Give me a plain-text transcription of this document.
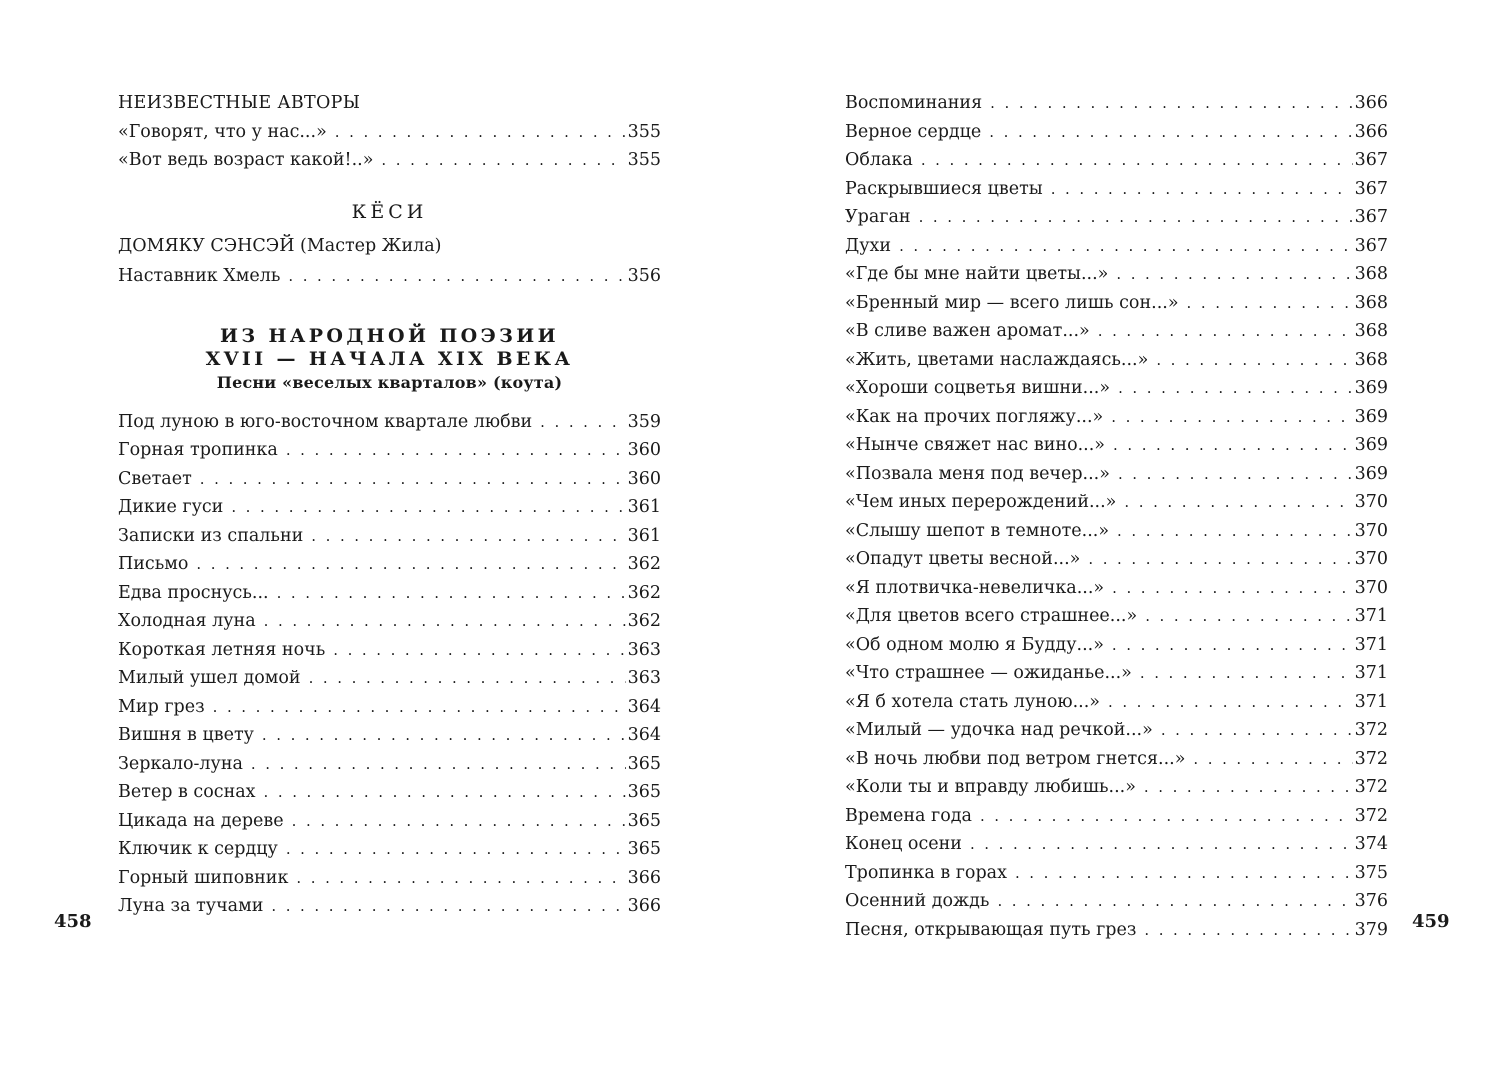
НЕИЗВЕСТНЫЕ АВТОРЫ
«Говорят, что у нас...» . . .	355
«Вот ведь возраст какой!..» . . .	355
КЁСИ
ДОМЯКУ СЭНСЭЙ (Мастер Жила)
Наставник Хмель . . .	356
ИЗ НАРОДНОЙ ПОЭЗИИ
XVII — НАЧАЛА XIX ВЕКА
Песни «веселых кварталов» (коута)
Под луною в юго-восточном квартале любви . . .	359
Горная тропинка . . .	360
Светает . . .	360
Дикие гуси . . .	361
Записки из спальни . . .	361
Письмо . . .	362
Едва проснусь... . . .	362
Холодная луна . . .	362
Короткая летняя ночь . . .	363
Милый ушел домой . . .	363
Мир грез . . .	364
Вишня в цвету . . .	364
Зеркало-луна . . .	365
Ветер в соснах . . .	365
Цикада на дереве . . .	365
Ключик к сердцу . . .	365
Горный шиповник . . .	366
Луна за тучами . . .	366
458
Воспоминания . . .	366
Верное сердце . . .	366
Облака . . .	367
Раскрывшиеся цветы . . .	367
Ураган . . .	367
Духи . . .	367
«Где бы мне найти цветы...» . . .	368
«Бренный мир — всего лишь сон...» . . .	368
«В сливе важен аромат...» . . .	368
«Жить, цветами наслаждаясь...» . . .	368
«Хороши соцветья вишни...» . . .	369
«Как на прочих погляжу...» . . .	369
«Нынче свяжет нас вино...» . . .	369
«Позвала меня под вечер...» . . .	369
«Чем иных перерождений...» . . .	370
«Слышу шепот в темноте...» . . .	370
«Опадут цветы весной...» . . .	370
«Я плотвичка-невеличка...» . . .	370
«Для цветов всего страшнее...» . . .	371
«Об одном молю я Будду...» . . .	371
«Что страшнее — ожиданье...» . . .	371
«Я б хотела стать луною...» . . .	371
«Милый — удочка над речкой...» . . .	372
«В ночь любви под ветром гнется...» . . .	372
«Коли ты и вправду любишь...» . . .	372
Времена года . . .	372
Конец осени . . .	374
Тропинка в горах . . .	375
Осенний дождь . . .	376
Песня, открывающая путь грез . . .	379 459
